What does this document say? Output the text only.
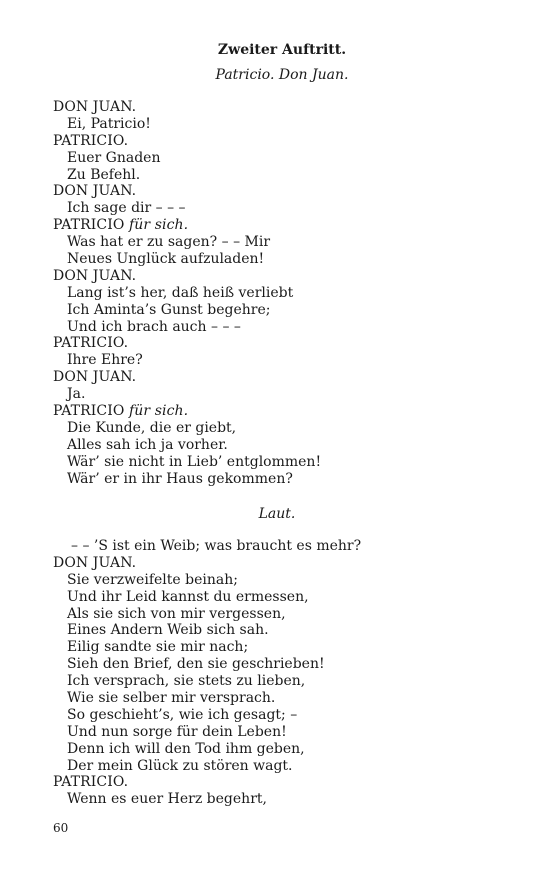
Zweiter Auftritt.
Patricio. Don Juan.
DON JUAN.
Ei, Patricio!
PATRICIO.
Euer Gnaden
Zu Befehl.
DON JUAN.
Ich sage dir – – –
PATRICIO für sich.
Was hat er zu sagen? – – Mir
Neues Unglück aufzuladen!
DON JUAN.
Lang ist’s her, daß heiß verliebt
Ich Aminta’s Gunst begehre;
Und ich brach auch – – –
PATRICIO.
Ihre Ehre?
DON JUAN.
Ja.
PATRICIO für sich.
Die Kunde, die er giebt,
Alles sah ich ja vorher.
Wär’ sie nicht in Lieb’ entglommen!
Wär’ er in ihr Haus gekommen?
Laut.
– – ’S ist ein Weib; was braucht es mehr?
DON JUAN.
Sie verzweifelte beinah;
Und ihr Leid kannst du ermessen,
Als sie sich von mir vergessen,
Eines Andern Weib sich sah.
Eilig sandte sie mir nach;
Sieh den Brief, den sie geschrieben!
Ich versprach, sie stets zu lieben,
Wie sie selber mir versprach.
So geschieht’s, wie ich gesagt; –
Und nun sorge für dein Leben!
Denn ich will den Tod ihm geben,
Der mein Glück zu stören wagt.
PATRICIO.
Wenn es euer Herz begehrt,
60
